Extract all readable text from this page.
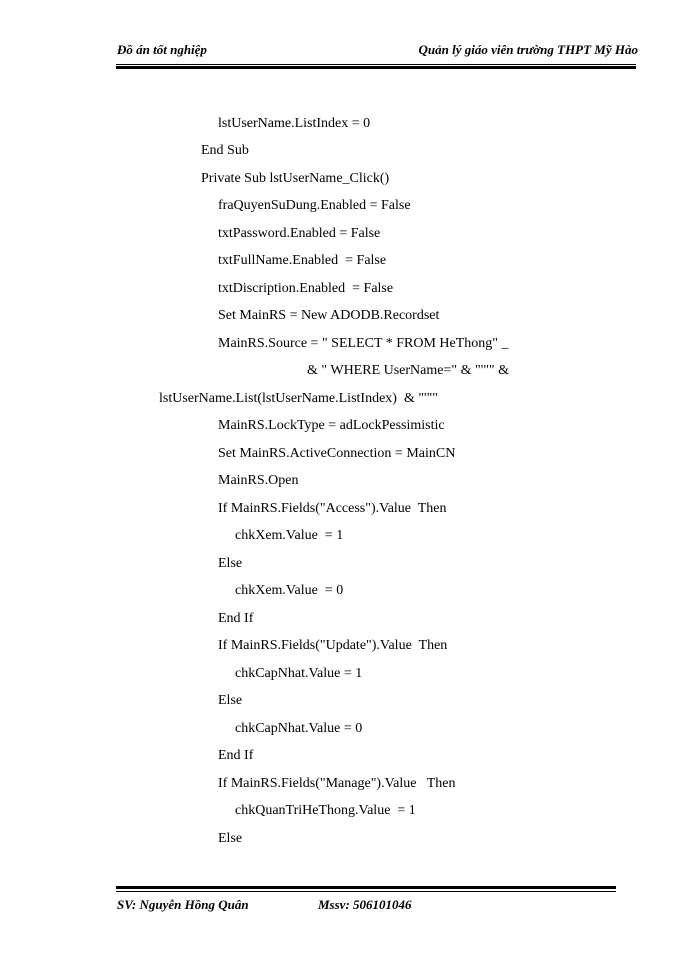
Đồ án tốt nghiệp	Quản lý giáo viên trường THPT Mỹ Hào
lstUserName.ListIndex = 0
End Sub
Private Sub lstUserName_Click()
fraQuyenSuDung.Enabled = False
txtPassword.Enabled = False
txtFullName.Enabled  = False
txtDiscription.Enabled  = False
Set MainRS = New ADODB.Recordset
MainRS.Source = " SELECT * FROM HeThong" _
& " WHERE UserName=" & "'"" &
lstUserName.List(lstUserName.ListIndex)  & "'""
MainRS.LockType = adLockPessimistic
Set MainRS.ActiveConnection = MainCN
MainRS.Open
If MainRS.Fields("Access").Value  Then
chkXem.Value  = 1
Else
chkXem.Value  = 0
End If
If MainRS.Fields("Update").Value  Then
chkCapNhat.Value = 1
Else
chkCapNhat.Value = 0
End If
If MainRS.Fields("Manage").Value   Then
chkQuanTriHeThong.Value  = 1
Else
SV: Nguyễn Hồng Quân	Mssv: 506101046
